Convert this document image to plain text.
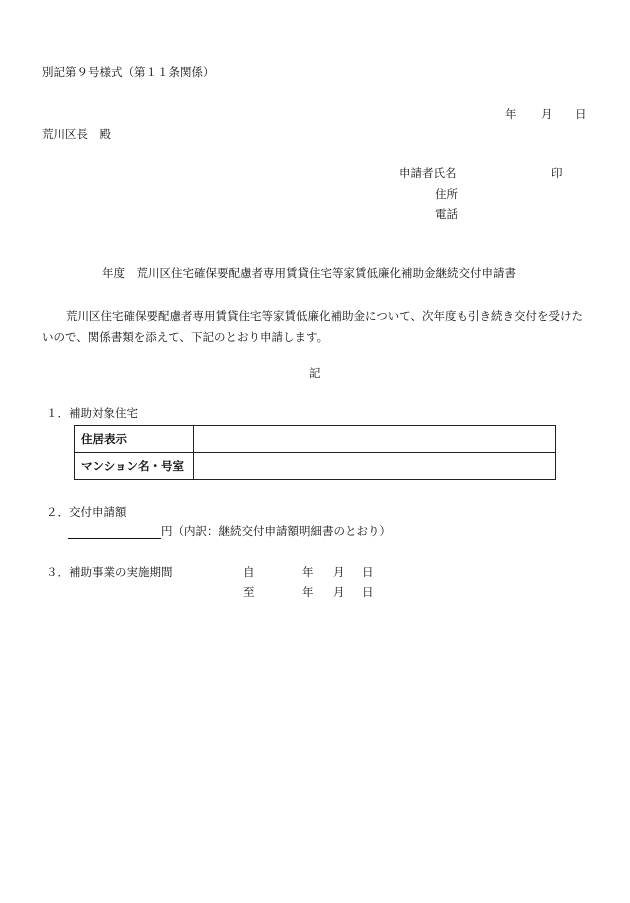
別記第９号様式（第１１条関係）
年 月 日
荒川区長　殿
申請者氏名	印
住所
電話
年度　荒川区住宅確保要配慮者専用賃貸住宅等家賃低廉化補助金継続交付申請書
荒川区住宅確保要配慮者専用賃貸住宅等家賃低廉化補助金について、次年度も引き続き交付を受けたいので、関係書類を添えて、下記のとおり申請します。
記
１．補助対象住宅
住居表示	
マンション名・号室	
２．交付申請額
円（内訳：継続交付申請額明細書のとおり）
３．補助事業の実施期間	自	年 月 日
至	年 月 日
